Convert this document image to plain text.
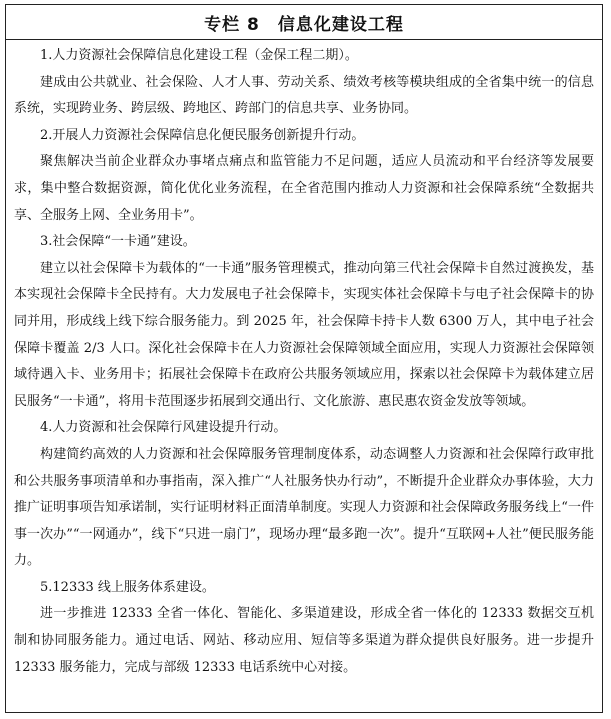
专栏 8　信息化建设工程

1.人力资源社会保障信息化建设工程（金保工程二期）。

建成由公共就业、社会保险、人才人事、劳动关系、绩效考核等模块组成的全省集中统一的信息系统，实现跨业务、跨层级、跨地区、跨部门的信息共享、业务协同。

2.开展人力资源社会保障信息化便民服务创新提升行动。

聚焦解决当前企业群众办事堵点痛点和监管能力不足问题，适应人员流动和平台经济等发展要求，集中整合数据资源，简化优化业务流程，在全省范围内推动人力资源和社会保障系统“全数据共享、全服务上网、全业务用卡”。

3.社会保障“一卡通”建设。

建立以社会保障卡为载体的“一卡通”服务管理模式，推动向第三代社会保障卡自然过渡换发，基本实现社会保障卡全民持有。大力发展电子社会保障卡，实现实体社会保障卡与电子社会保障卡的协同并用，形成线上线下综合服务能力。到 2025 年，社会保障卡持卡人数 6300 万人，其中电子社会保障卡覆盖 2/3 人口。深化社会保障卡在人力资源社会保障领域全面应用，实现人力资源社会保障领域待遇入卡、业务用卡；拓展社会保障卡在政府公共服务领域应用，探索以社会保障卡为载体建立居民服务“一卡通”，将用卡范围逐步拓展到交通出行、文化旅游、惠民惠农资金发放等领域。

4.人力资源和社会保障行风建设提升行动。

构建简约高效的人力资源和社会保障服务管理制度体系，动态调整人力资源和社会保障行政审批和公共服务事项清单和办事指南，深入推广“人社服务快办行动”，不断提升企业群众办事体验，大力推广证明事项告知承诺制，实行证明材料正面清单制度。实现人力资源和社会保障政务服务线上“一件事一次办”“一网通办”，线下“只进一扇门”，现场办理“最多跑一次”。提升“互联网+人社”便民服务能力。

5.12333 线上服务体系建设。

进一步推进 12333 全省一体化、智能化、多渠道建设，形成全省一体化的 12333 数据交互机制和协同服务能力。通过电话、网站、移动应用、短信等多渠道为群众提供良好服务。进一步提升 12333 服务能力，完成与部级 12333 电话系统中心对接。
